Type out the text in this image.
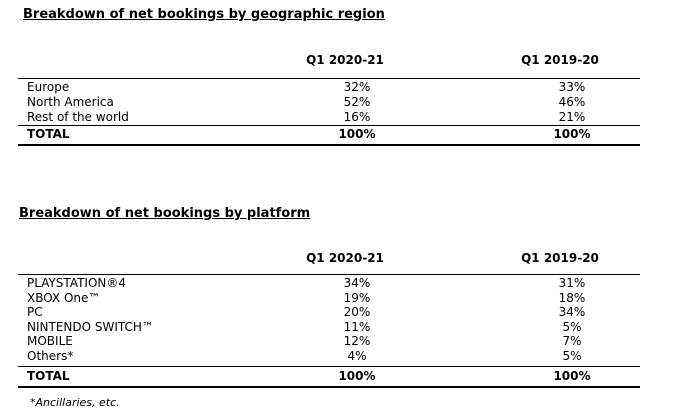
Breakdown of net bookings by geographic region
Q1 2020-21	Q1 2019-20
Europe	32%	33%
North America	52%	46%
Rest of the world	16%	21%
TOTAL	100%	100%
Breakdown of net bookings by platform
Q1 2020-21	Q1 2019-20
PLAYSTATION®4	34%	31%
XBOX One™	19%	18%
PC	20%	34%
NINTENDO SWITCH™	11%	5%
MOBILE	12%	7%
Others*	4%	5%
TOTAL	100%	100%
*Ancillaries, etc.
